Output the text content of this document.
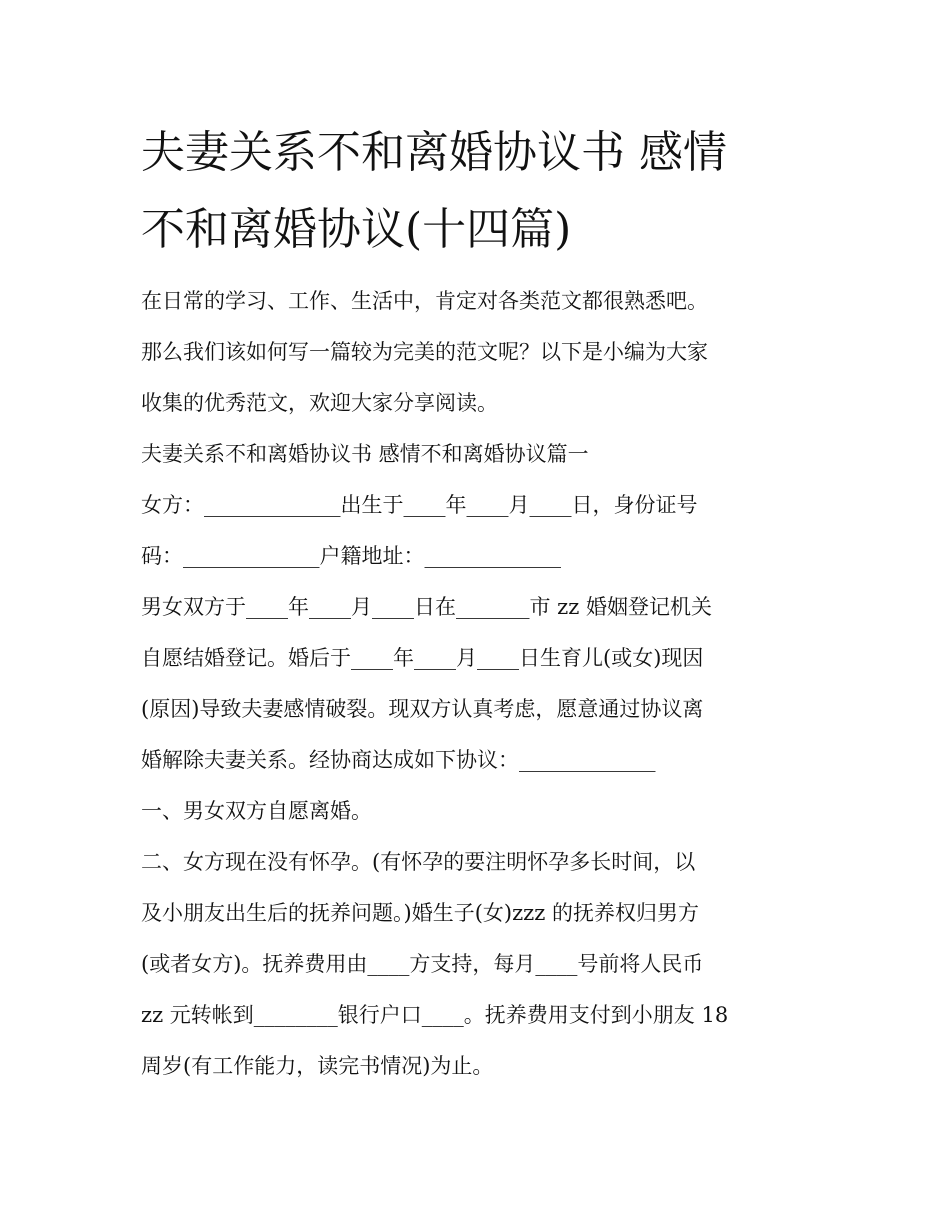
夫妻关系不和离婚协议书 感情
不和离婚协议(十四篇)

在日常的学习、工作、生活中，肯定对各类范文都很熟悉吧。

那么我们该如何写一篇较为完美的范文呢？以下是小编为大家

收集的优秀范文，欢迎大家分享阅读。

夫妻关系不和离婚协议书 感情不和离婚协议篇一

女方：_____________出生于____年____月____日，身份证号

码：_____________户籍地址：_____________

男女双方于____年____月____日在_______市 zz 婚姻登记机关

自愿结婚登记。婚后于____年____月____日生育儿(或女)现因

(原因)导致夫妻感情破裂。现双方认真考虑，愿意通过协议离

婚解除夫妻关系。经协商达成如下协议：_____________

一、男女双方自愿离婚。

二、女方现在没有怀孕。(有怀孕的要注明怀孕多长时间，以

及小朋友出生后的抚养问题。)婚生子(女)zzz 的抚养权归男方

(或者女方)。抚养费用由____方支持，每月____号前将人民币

zz 元转帐到________银行户口____。抚养费用支付到小朋友 18

周岁(有工作能力，读完书情况)为止。
